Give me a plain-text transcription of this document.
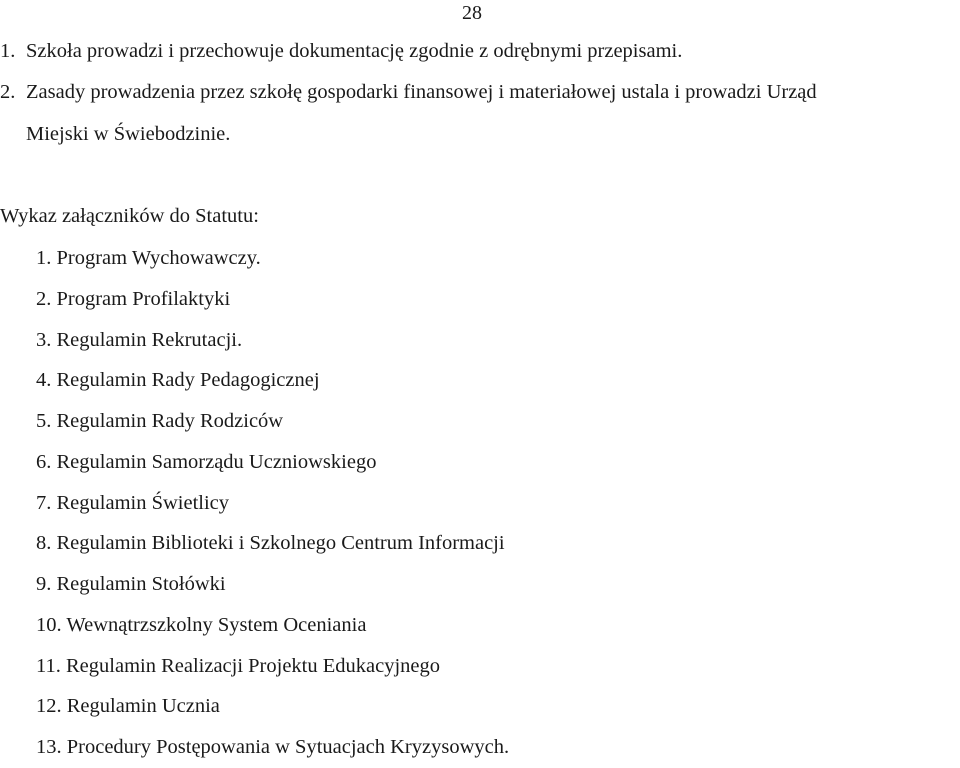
28
1. Szkoła prowadzi i przechowuje dokumentację zgodnie z odrębnymi przepisami.
2. Zasady prowadzenia przez szkołę gospodarki finansowej i materiałowej ustala i prowadzi Urząd
Miejski w Świebodzinie.
Wykaz załączników do Statutu:
1. Program Wychowawczy.
2. Program Profilaktyki
3. Regulamin Rekrutacji.
4. Regulamin Rady Pedagogicznej
5. Regulamin Rady Rodziców
6. Regulamin Samorządu Uczniowskiego
7. Regulamin Świetlicy
8. Regulamin Biblioteki i Szkolnego Centrum Informacji
9. Regulamin Stołówki
10. Wewnątrzszkolny System Oceniania
11. Regulamin Realizacji Projektu Edukacyjnego
12. Regulamin Ucznia
13. Procedury Postępowania w Sytuacjach Kryzysowych.
